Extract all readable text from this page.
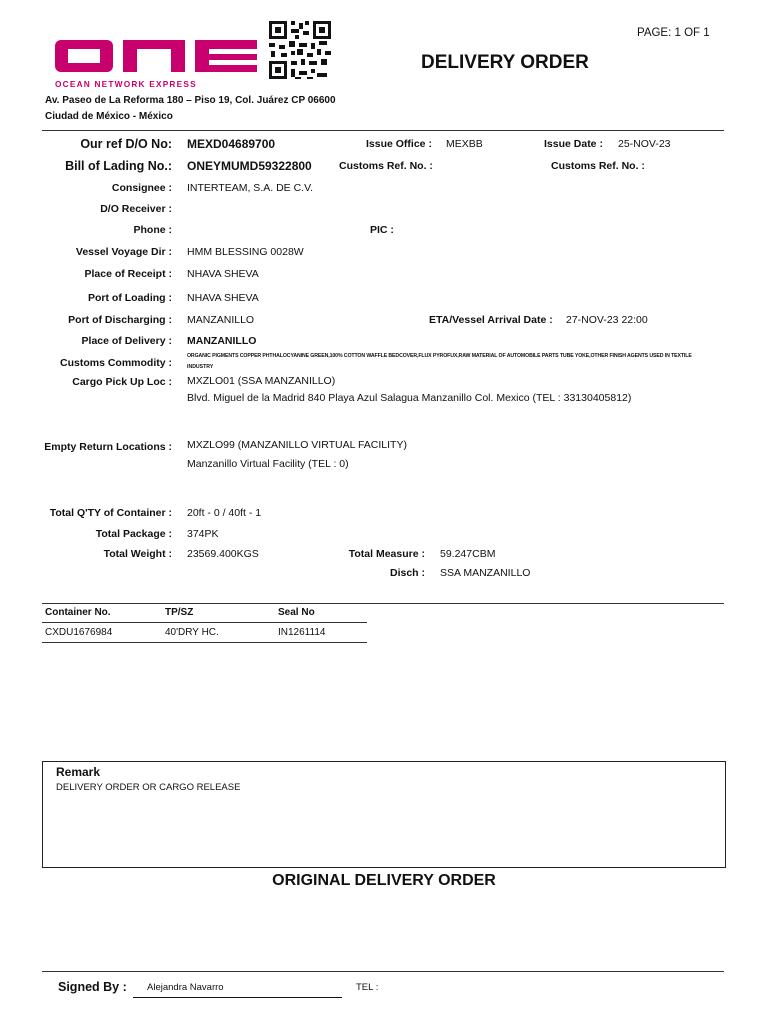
OCEAN NETWORK EXPRESS
PAGE: 1 OF 1
DELIVERY ORDER
Av. Paseo de La Reforma 180 – Piso 19, Col. Juárez CP 06600
Ciudad de México - México
Our ref D/O No: MEXD04689700	Issue Office : MEXBB	Issue Date : 25-NOV-23
Bill of Lading No.: ONEYMUMD59322800	Customs Ref. No. :	Customs Ref. No. :
Consignee : INTERTEAM, S.A. DE C.V.
D/O Receiver :
Phone :	PIC :
Vessel Voyage Dir : HMM BLESSING 0028W
Place of Receipt : NHAVA SHEVA
Port of Loading : NHAVA SHEVA
Port of Discharging : MANZANILLO	ETA/Vessel Arrival Date : 27-NOV-23 22:00
Place of Delivery : MANZANILLO
Customs Commodity :
ORGANIC PIGMENTS COPPER PHTHALOCYANINE GREEN,100% COTTON WAFFLE BEDCOVER,FLUX PYROFUX,RAW MATERIAL OF AUTOMOBILE PARTS TUBE YOKE,OTHER FINISH AGENTS USED IN TEXTILE
INDUSTRY
Cargo Pick Up Loc : MXZLO01 (SSA MANZANILLO)
Blvd. Miguel de la Madrid 840 Playa Azul Salagua Manzanillo Col. Mexico (TEL : 33130405812)
Empty Return Locations : MXZLO99 (MANZANILLO VIRTUAL FACILITY)
Manzanillo Virtual Facility (TEL : 0)
Total Q'TY of Container : 20ft - 0 / 40ft - 1
Total Package : 374PK
Total Weight : 23569.400KGS	Total Measure : 59.247CBM
Disch : SSA MANZANILLO
Container No.	TP/SZ	Seal No
CXDU1676984	40'DRY HC.	IN1261114
Remark
DELIVERY ORDER OR CARGO RELEASE
ORIGINAL DELIVERY ORDER
Signed By : Alejandra Navarro	TEL :
